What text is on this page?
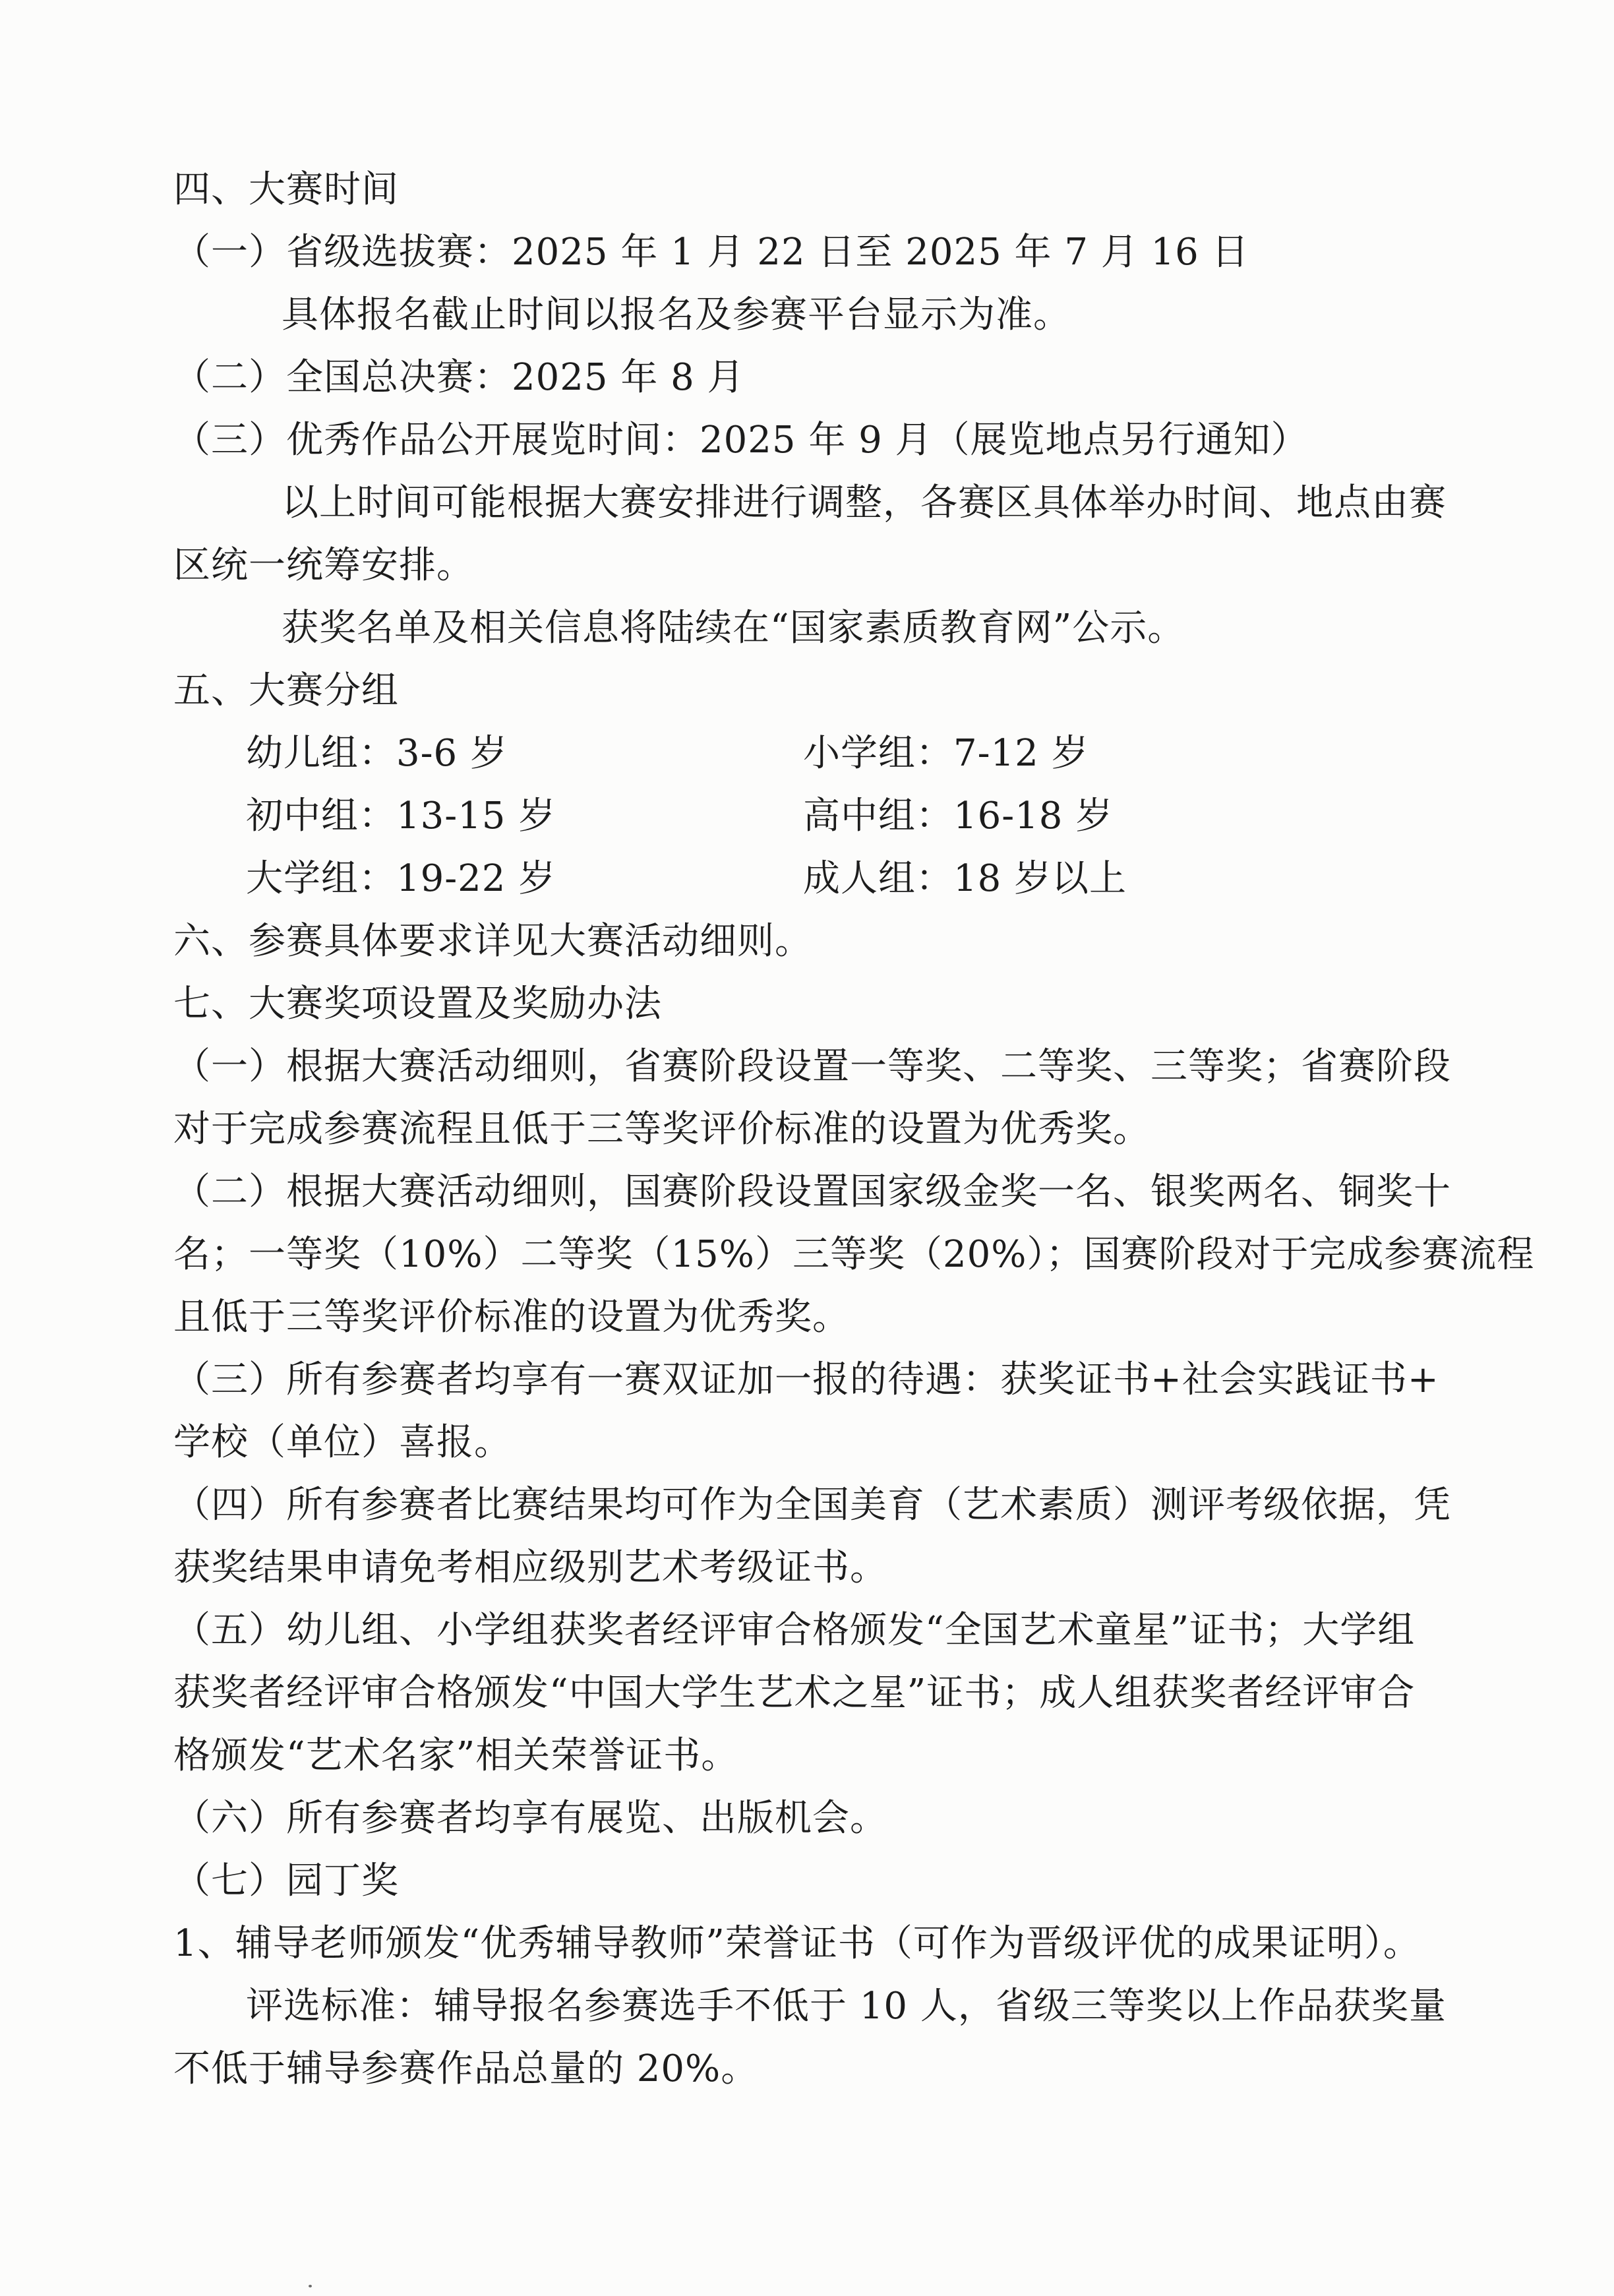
四、大赛时间
（一）省级选拔赛：2025 年 1 月 22 日至 2025 年 7 月 16 日
具体报名截止时间以报名及参赛平台显示为准。
（二）全国总决赛：2025 年 8 月
（三）优秀作品公开展览时间：2025 年 9 月（展览地点另行通知）
以上时间可能根据大赛安排进行调整，各赛区具体举办时间、地点由赛
区统一统筹安排。
获奖名单及相关信息将陆续在“国家素质教育网”公示。
五、大赛分组
幼儿组：3-6 岁	小学组：7-12 岁
初中组：13-15 岁	高中组：16-18 岁
大学组：19-22 岁	成人组：18 岁以上
六、参赛具体要求详见大赛活动细则。
七、大赛奖项设置及奖励办法
（一）根据大赛活动细则，省赛阶段设置一等奖、二等奖、三等奖；省赛阶段
对于完成参赛流程且低于三等奖评价标准的设置为优秀奖。
（二）根据大赛活动细则，国赛阶段设置国家级金奖一名、银奖两名、铜奖十
名；一等奖（10%）二等奖（15%）三等奖（20%）；国赛阶段对于完成参赛流程
且低于三等奖评价标准的设置为优秀奖。
（三）所有参赛者均享有一赛双证加一报的待遇：获奖证书+社会实践证书+
学校（单位）喜报。
（四）所有参赛者比赛结果均可作为全国美育（艺术素质）测评考级依据，凭
获奖结果申请免考相应级别艺术考级证书。
（五）幼儿组、小学组获奖者经评审合格颁发“全国艺术童星”证书；大学组
获奖者经评审合格颁发“中国大学生艺术之星”证书；成人组获奖者经评审合
格颁发“艺术名家”相关荣誉证书。
（六）所有参赛者均享有展览、出版机会。
（七）园丁奖
1、辅导老师颁发“优秀辅导教师”荣誉证书（可作为晋级评优的成果证明）。
评选标准：辅导报名参赛选手不低于 10 人，省级三等奖以上作品获奖量
不低于辅导参赛作品总量的 20%。
